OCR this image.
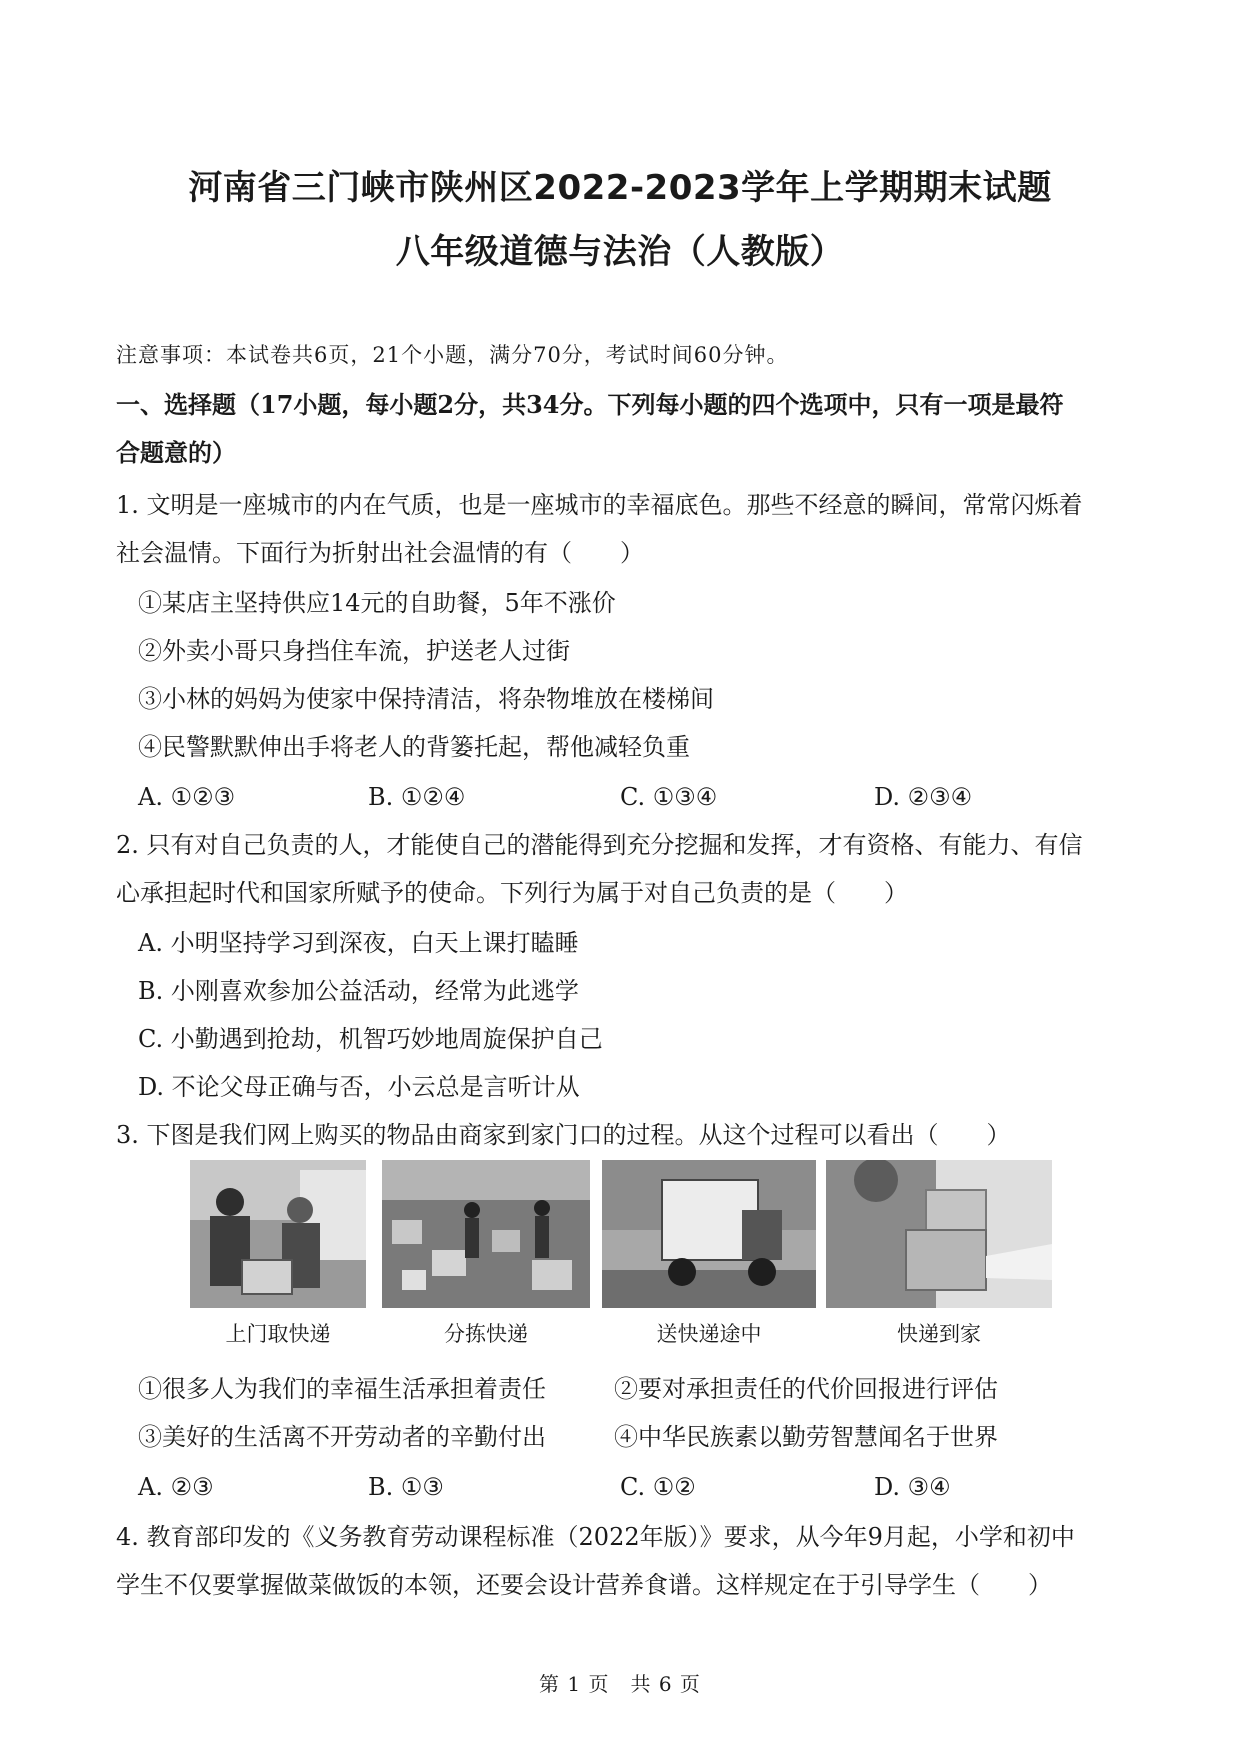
河南省三门峡市陕州区2022-2023学年上学期期末试题
八年级道德与法治（人教版）
注意事项：本试卷共6页，21个小题，满分70分，考试时间60分钟。
一、选择题（17小题，每小题2分，共34分。下列每小题的四个选项中，只有一项是最符
合题意的）
1. 文明是一座城市的内在气质，也是一座城市的幸福底色。那些不经意的瞬间，常常闪烁着
社会温情。下面行为折射出社会温情的有（　　）
①某店主坚持供应14元的自助餐，5年不涨价
②外卖小哥只身挡住车流，护送老人过街
③小林的妈妈为使家中保持清洁，将杂物堆放在楼梯间
④民警默默伸出手将老人的背篓托起，帮他减轻负重
A. ①②③	B. ①②④	C. ①③④	D. ②③④
2. 只有对自己负责的人，才能使自己的潜能得到充分挖掘和发挥，才有资格、有能力、有信
心承担起时代和国家所赋予的使命。下列行为属于对自己负责的是（　　）
A. 小明坚持学习到深夜，白天上课打瞌睡
B. 小刚喜欢参加公益活动，经常为此逃学
C. 小勤遇到抢劫，机智巧妙地周旋保护自己
D. 不论父母正确与否，小云总是言听计从
3. 下图是我们网上购买的物品由商家到家门口的过程。从这个过程可以看出（　　）
上门取快递	分拣快递	送快递途中	快递到家
①很多人为我们的幸福生活承担着责任	②要对承担责任的代价回报进行评估
③美好的生活离不开劳动者的辛勤付出	④中华民族素以勤劳智慧闻名于世界
A. ②③	B. ①③	C. ①②	D. ③④
4. 教育部印发的《义务教育劳动课程标准（2022年版）》要求，从今年9月起，小学和初中
学生不仅要掌握做菜做饭的本领，还要会设计营养食谱。这样规定在于引导学生（　　）
第 1 页　共 6 页
